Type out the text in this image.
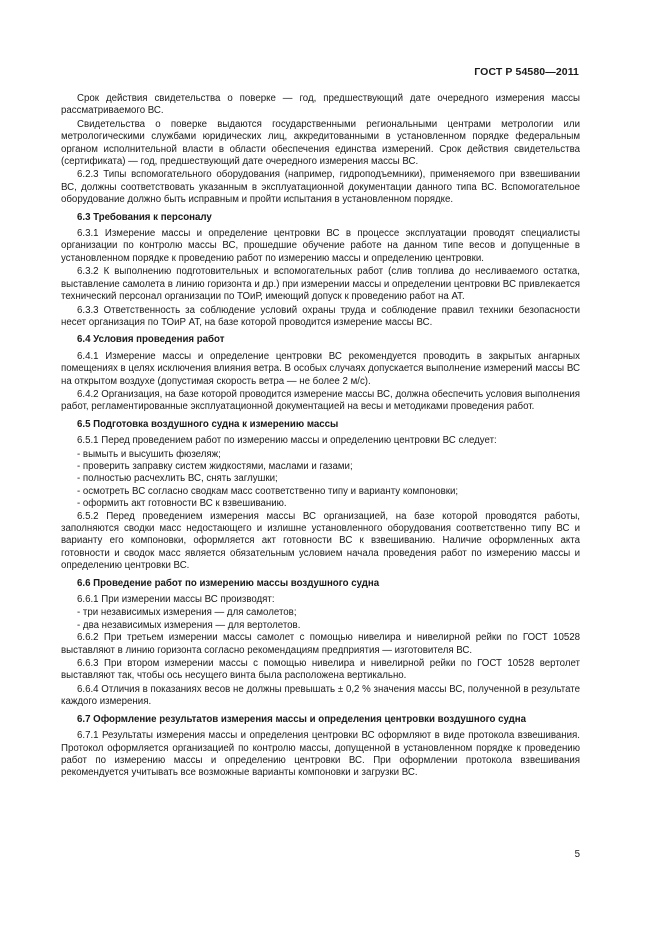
ГОСТ Р 54580—2011

Срок действия свидетельства о поверке — год, предшествующий дате очередного измерения массы рассматриваемого ВС.

Свидетельства о поверке выдаются государственными региональными центрами метрологии или метрологическими службами юридических лиц, аккредитованными в установленном порядке федеральным органом исполнительной власти в области обеспечения единства измерений. Срок действия свидетельства (сертификата) — год, предшествующий дате очередного измерения массы ВС.

6.2.3 Типы вспомогательного оборудования (например, гидроподъемники), применяемого при взвешивании ВС, должны соответствовать указанным в эксплуатационной документации данного типа ВС. Вспомогательное оборудование должно быть исправным и пройти испытания в установленном порядке.

6.3 Требования к персоналу

6.3.1 Измерение массы и определение центровки ВС в процессе эксплуатации проводят специалисты организации по контролю массы ВС, прошедшие обучение работе на данном типе весов и допущенные в установленном порядке к проведению работ по измерению массы и определению центровки.

6.3.2 К выполнению подготовительных и вспомогательных работ (слив топлива до несливаемого остатка, выставление самолета в линию горизонта и др.) при измерении массы и определении центровки ВС привлекается технический персонал организации по ТОиР, имеющий допуск к проведению работ на АТ.

6.3.3 Ответственность за соблюдение условий охраны труда и соблюдение правил техники безопасности несет организация по ТОиР АТ, на базе которой проводится измерение массы ВС.

6.4 Условия проведения работ

6.4.1 Измерение массы и определение центровки ВС рекомендуется проводить в закрытых ангарных помещениях в целях исключения влияния ветра. В особых случаях допускается выполнение измерений массы ВС на открытом воздухе (допустимая скорость ветра — не более 2 м/с).

6.4.2 Организация, на базе которой проводится измерение массы ВС, должна обеспечить условия выполнения работ, регламентированные эксплуатационной документацией на весы и методиками проведения работ.

6.5 Подготовка воздушного судна к измерению массы

6.5.1 Перед проведением работ по измерению массы и определению центровки ВС следует:

- вымыть и высушить фюзеляж;

- проверить заправку систем жидкостями, маслами и газами;

- полностью расчехлить ВС, снять заглушки;

- осмотреть ВС согласно сводкам масс соответственно типу и варианту компоновки;

- оформить акт готовности ВС к взвешиванию.

6.5.2 Перед проведением измерения массы ВС организацией, на базе которой проводятся работы, заполняются сводки масс недостающего и излишне установленного оборудования соответственно типу ВС и варианту его компоновки, оформляется акт готовности ВС к взвешиванию. Наличие оформленных акта готовности и сводок масс является обязательным условием начала проведения работ по измерению массы и определению центровки ВС.

6.6 Проведение работ по измерению массы воздушного судна

6.6.1 При измерении массы ВС производят:

- три независимых измерения — для самолетов;

- два независимых измерения — для вертолетов.

6.6.2 При третьем измерении массы самолет с помощью нивелира и нивелирной рейки по ГОСТ 10528 выставляют в линию горизонта согласно рекомендациям предприятия — изготовителя ВС.

6.6.3 При втором измерении массы с помощью нивелира и нивелирной рейки по ГОСТ 10528 вертолет выставляют так, чтобы ось несущего винта была расположена вертикально.

6.6.4 Отличия в показаниях весов не должны превышать ± 0,2 % значения массы ВС, полученной в результате каждого измерения.

6.7 Оформление результатов измерения массы и определения центровки воздушного судна

6.7.1 Результаты измерения массы и определения центровки ВС оформляют в виде протокола взвешивания. Протокол оформляется организацией по контролю массы, допущенной в установленном порядке к проведению работ по измерению массы и определению центровки ВС. При оформлении протокола взвешивания рекомендуется учитывать все возможные варианты компоновки и загрузки ВС.

5
